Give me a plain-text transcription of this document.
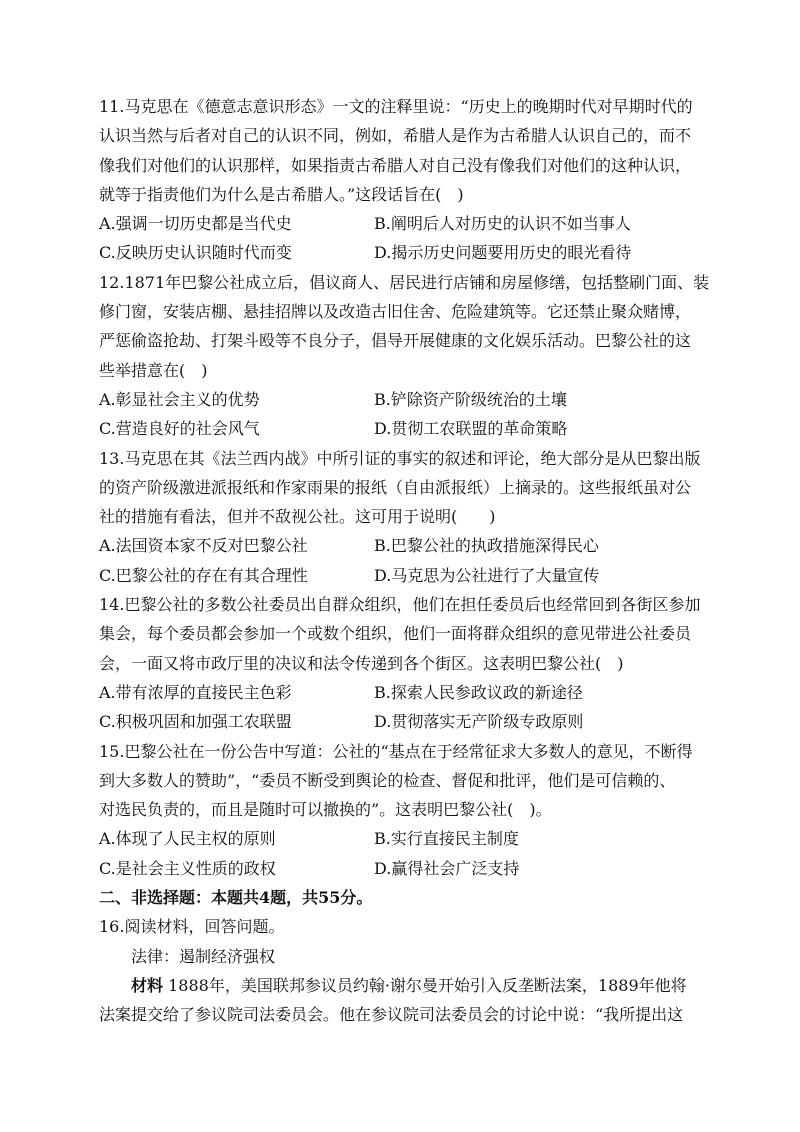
11.马克思在《德意志意识形态》一文的注释里说：“历史上的晚期时代对早期时代的
认识当然与后者对自己的认识不同，例如，希腊人是作为古希腊人认识自己的，而不
像我们对他们的认识那样，如果指责古希腊人对自己没有像我们对他们的这种认识，
就等于指责他们为什么是古希腊人。”这段话旨在(　)
A.强调一切历史都是当代史	B.阐明后人对历史的认识不如当事人
C.反映历史认识随时代而变	D.揭示历史问题要用历史的眼光看待
12.1871年巴黎公社成立后，倡议商人、居民进行店铺和房屋修缮，包括整刷门面、装
修门窗，安装店棚、悬挂招牌以及改造古旧住舍、危险建筑等。它还禁止聚众赌博，
严惩偷盗抢劫、打架斗殴等不良分子，倡导开展健康的文化娱乐活动。巴黎公社的这
些举措意在(　)
A.彰显社会主义的优势	B.铲除资产阶级统治的土壤
C.营造良好的社会风气	D.贯彻工农联盟的革命策略
13.马克思在其《法兰西内战》中所引证的事实的叙述和评论，绝大部分是从巴黎出版
的资产阶级激进派报纸和作家雨果的报纸（自由派报纸）上摘录的。这些报纸虽对公
社的措施有看法，但并不敌视公社。这可用于说明(　　)
A.法国资本家不反对巴黎公社	B.巴黎公社的执政措施深得民心
C.巴黎公社的存在有其合理性	D.马克思为公社进行了大量宣传
14.巴黎公社的多数公社委员出自群众组织，他们在担任委员后也经常回到各街区参加
集会，每个委员都会参加一个或数个组织，他们一面将群众组织的意见带进公社委员
会，一面又将市政厅里的决议和法令传递到各个街区。这表明巴黎公社(　)
A.带有浓厚的直接民主色彩	B.探索人民参政议政的新途径
C.积极巩固和加强工农联盟	D.贯彻落实无产阶级专政原则
15.巴黎公社在一份公告中写道：公社的“基点在于经常征求大多数人的意见，不断得
到大多数人的赞助”，“委员不断受到舆论的检查、督促和批评，他们是可信赖的、
对选民负责的，而且是随时可以撤换的”。这表明巴黎公社(　)。
A.体现了人民主权的原则	B.实行直接民主制度
C.是社会主义性质的政权	D.赢得社会广泛支持
二、非选择题：本题共4题，共55分。
16.阅读材料，回答问题。
法律：遏制经济强权
材料 1888年，美国联邦参议员约翰·谢尔曼开始引入反垄断法案，1889年他将
法案提交给了参议院司法委员会。他在参议院司法委员会的讨论中说：“我所提出这
